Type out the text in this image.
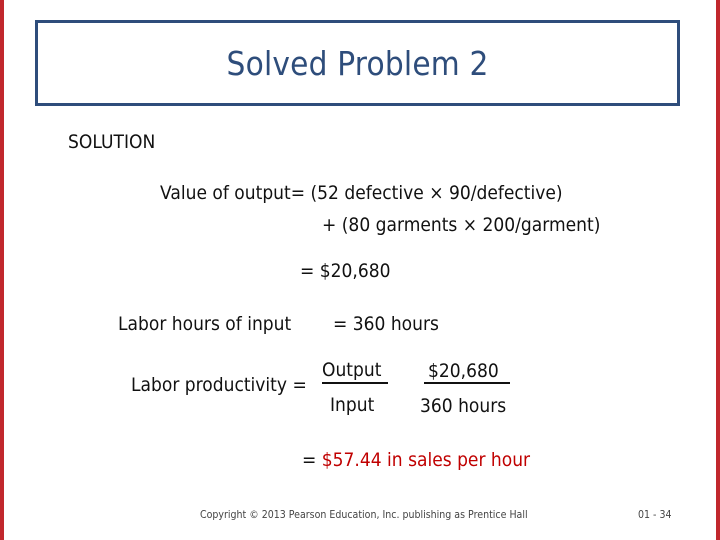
Solved Problem 2
SOLUTION
Value of output= (52 defective × 90/defective)
+ (80 garments × 200/garment)
= $20,680
Labor hours of input = 360 hours
Labor productivity =
Output
Input
$20,680
360 hours
= $57.44 in sales per hour
Copyright © 2013 Pearson Education, Inc. publishing as Prentice Hall	01 - 34
